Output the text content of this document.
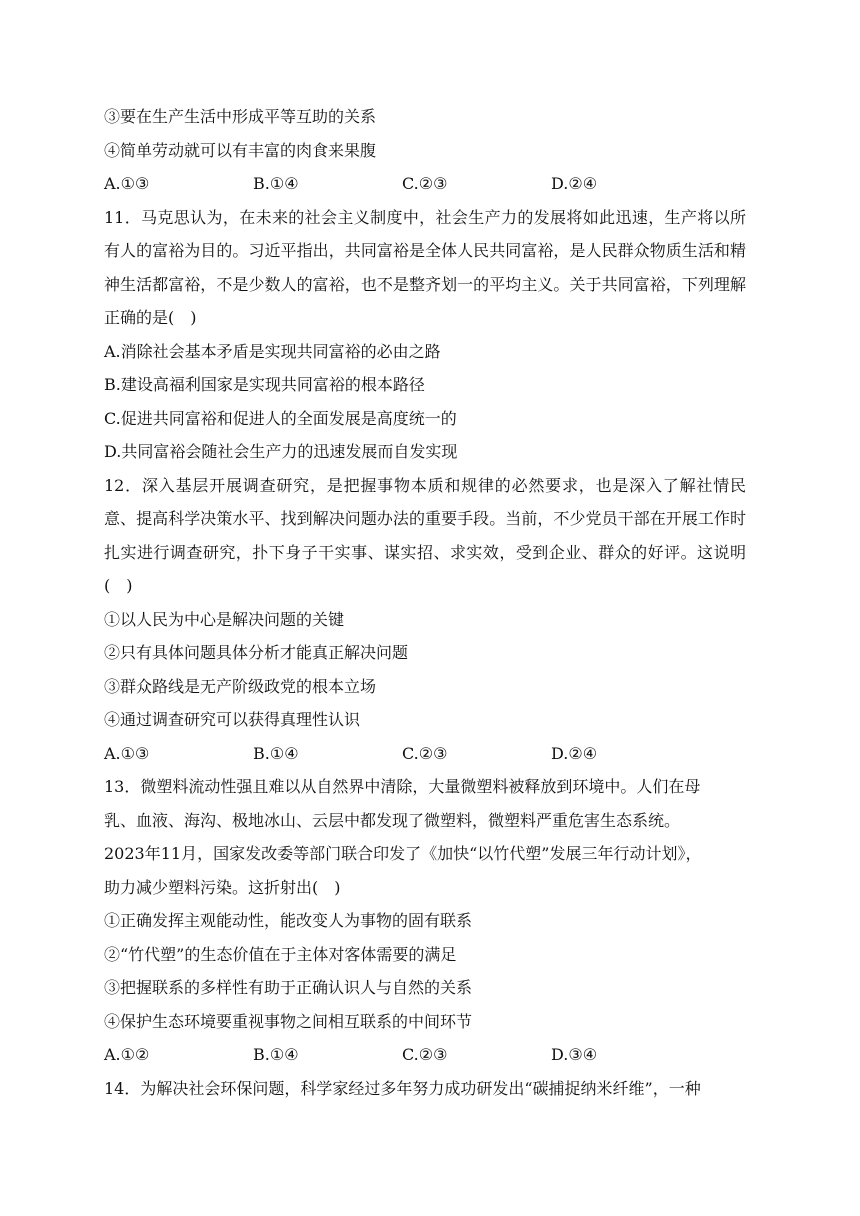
③要在生产生活中形成平等互助的关系
④简单劳动就可以有丰富的肉食来果腹
A.①③	B.①④	C.②③	D.②④
11．马克思认为，在未来的社会主义制度中，社会生产力的发展将如此迅速，生产将以所有人的富裕为目的。习近平指出，共同富裕是全体人民共同富裕，是人民群众物质生活和精神生活都富裕，不是少数人的富裕，也不是整齐划一的平均主义。关于共同富裕，下列理解正确的是(　)
A.消除社会基本矛盾是实现共同富裕的必由之路
B.建设高福利国家是实现共同富裕的根本路径
C.促进共同富裕和促进人的全面发展是高度统一的
D.共同富裕会随社会生产力的迅速发展而自发实现
12．深入基层开展调查研究，是把握事物本质和规律的必然要求，也是深入了解社情民意、提高科学决策水平、找到解决问题办法的重要手段。当前，不少党员干部在开展工作时扎实进行调查研究，扑下身子干实事、谋实招、求实效，受到企业、群众的好评。这说明(　)
①以人民为中心是解决问题的关键
②只有具体问题具体分析才能真正解决问题
③群众路线是无产阶级政党的根本立场
④通过调查研究可以获得真理性认识
A.①③	B.①④	C.②③	D.②④
13．微塑料流动性强且难以从自然界中清除，大量微塑料被释放到环境中。人们在母
乳、血液、海沟、极地冰山、云层中都发现了微塑料，微塑料严重危害生态系统。
2023年11月，国家发改委等部门联合印发了《加快“以竹代塑”发展三年行动计划》，
助力减少塑料污染。这折射出(　)
①正确发挥主观能动性，能改变人为事物的固有联系
②“竹代塑”的生态价值在于主体对客体需要的满足
③把握联系的多样性有助于正确认识人与自然的关系
④保护生态环境要重视事物之间相互联系的中间环节
A.①②	B.①④	C.②③	D.③④
14．为解决社会环保问题，科学家经过多年努力成功研发出“碳捕捉纳米纤维”，一种
